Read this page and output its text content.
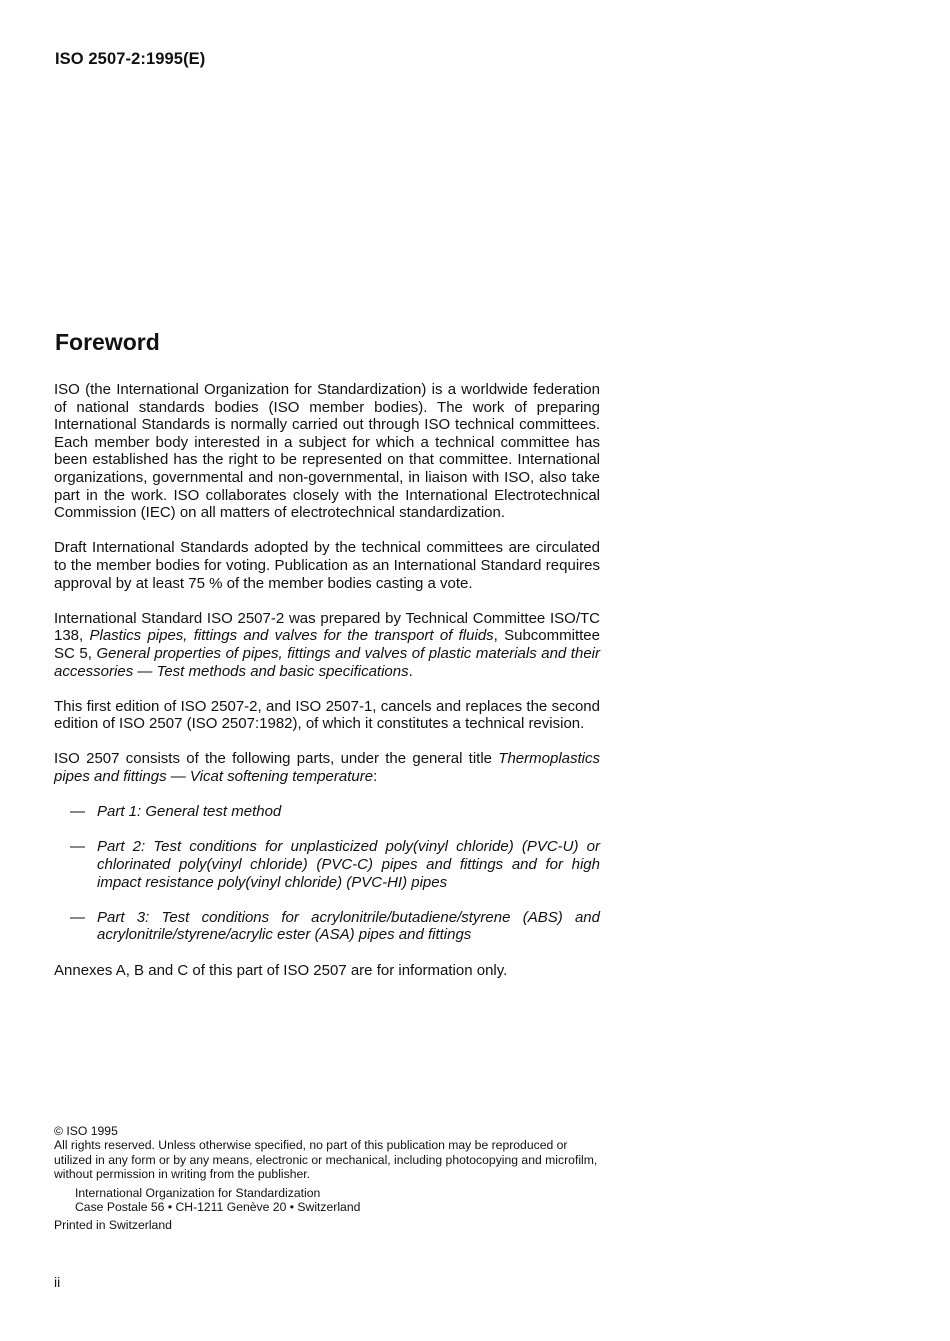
ISO 2507-2:1995(E)
Foreword

ISO (the International Organization for Standardization) is a worldwide federation of national standards bodies (ISO member bodies). The work of preparing International Standards is normally carried out through ISO technical committees. Each member body interested in a subject for which a technical committee has been established has the right to be represented on that committee. International organizations, governmental and non-governmental, in liaison with ISO, also take part in the work. ISO collaborates closely with the International Electrotechnical Commission (IEC) on all matters of electrotechnical standardization.

Draft International Standards adopted by the technical committees are circulated to the member bodies for voting. Publication as an International Standard requires approval by at least 75 % of the member bodies casting a vote.

International Standard ISO 2507-2 was prepared by Technical Committee ISO/TC 138, Plastics pipes, fittings and valves for the transport of fluids, Subcommittee SC 5, General properties of pipes, fittings and valves of plastic materials and their accessories — Test methods and basic specifications.

This first edition of ISO 2507-2, and ISO 2507-1, cancels and replaces the second edition of ISO 2507 (ISO 2507:1982), of which it constitutes a technical revision.

ISO 2507 consists of the following parts, under the general title Thermoplastics pipes and fittings — Vicat softening temperature:

— Part 1: General test method
— Part 2: Test conditions for unplasticized poly(vinyl chloride) (PVC-U) or chlorinated poly(vinyl chloride) (PVC-C) pipes and fittings and for high impact resistance poly(vinyl chloride) (PVC-HI) pipes
— Part 3: Test conditions for acrylonitrile/butadiene/styrene (ABS) and acrylonitrile/styrene/acrylic ester (ASA) pipes and fittings

Annexes A, B and C of this part of ISO 2507 are for information only.

© ISO 1995
All rights reserved. Unless otherwise specified, no part of this publication may be reproduced or utilized in any form or by any means, electronic or mechanical, including photocopying and microfilm, without permission in writing from the publisher.
International Organization for Standardization
Case Postale 56 • CH-1211 Genève 20 • Switzerland
Printed in Switzerland
ii
